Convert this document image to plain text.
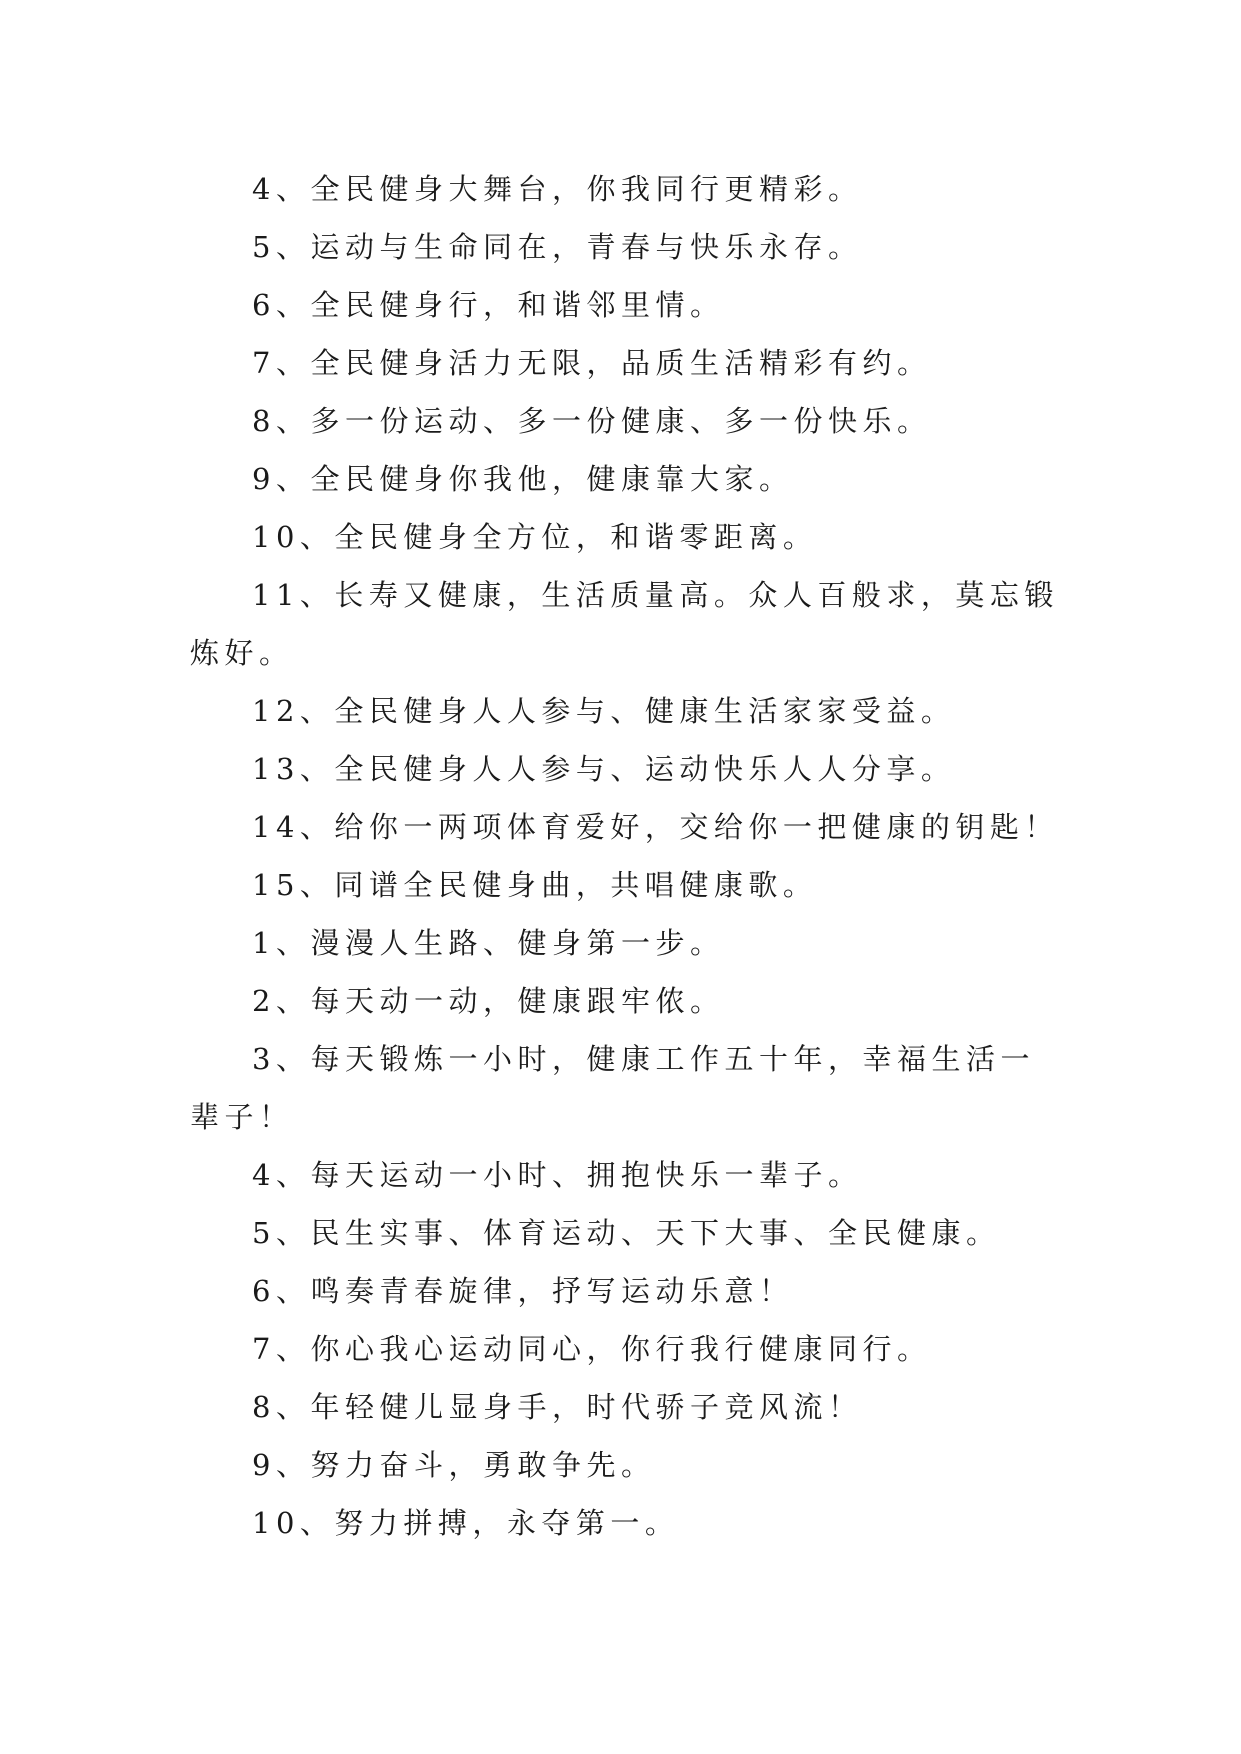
4、全民健身大舞台，你我同行更精彩。

5、运动与生命同在，青春与快乐永存。

6、全民健身行，和谐邻里情。

7、全民健身活力无限，品质生活精彩有约。

8、多一份运动、多一份健康、多一份快乐。

9、全民健身你我他，健康靠大家。

10、全民健身全方位，和谐零距离。

11、长寿又健康，生活质量高。众人百般求，莫忘锻炼好。

12、全民健身人人参与、健康生活家家受益。

13、全民健身人人参与、运动快乐人人分享。

14、给你一两项体育爱好，交给你一把健康的钥匙！

15、同谱全民健身曲，共唱健康歌。

1、漫漫人生路、健身第一步。

2、每天动一动，健康跟牢侬。

3、每天锻炼一小时，健康工作五十年，幸福生活一辈子！

4、每天运动一小时、拥抱快乐一辈子。

5、民生实事、体育运动、天下大事、全民健康。

6、鸣奏青春旋律，抒写运动乐意！

7、你心我心运动同心，你行我行健康同行。

8、年轻健儿显身手，时代骄子竞风流！

9、努力奋斗，勇敢争先。

10、努力拼搏，永夺第一。
